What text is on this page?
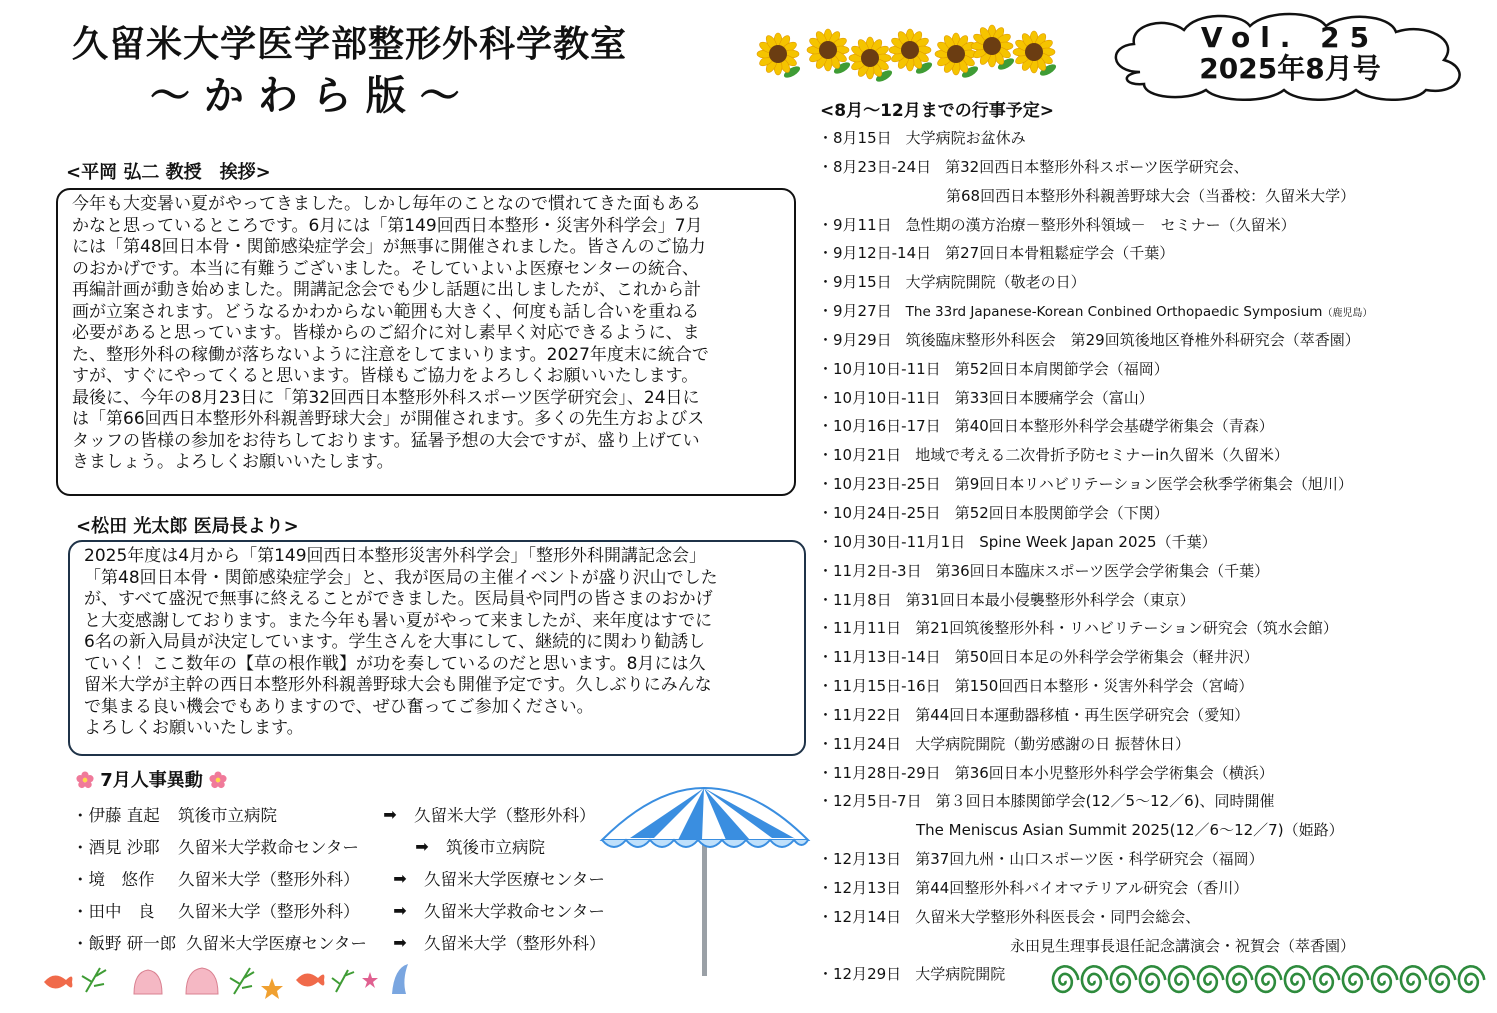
久留米大学医学部整形外科学教室
～ か わ ら 版 ～
Vol. 25
2025年8月号
<平岡 弘二 教授　挨拶>

今年も大変暑い夏がやってきました。しかし毎年のことなので慣れてきた面もある
かなと思っているところです。6月には「第149回西日本整形・災害外科学会」7月
には「第48回日本骨・関節感染症学会」が無事に開催されました。皆さんのご協力
のおかげです。本当に有難うございました。そしていよいよ医療センターの統合、
再編計画が動き始めました。開講記念会でも少し話題に出しましたが、これから計
画が立案されます。どうなるかわからない範囲も大きく、何度も話し合いを重ねる
必要があると思っています。皆様からのご紹介に対し素早く対応できるように、ま
た、整形外科の稼働が落ちないように注意をしてまいります。2027年度末に統合で
すが、すぐにやってくると思います。皆様もご協力をよろしくお願いいたします。
最後に、今年の8月23日に「第32回西日本整形外科スポーツ医学研究会」、24日に
は「第66回西日本整形外科親善野球大会」が開催されます。多くの先生方およびス
タッフの皆様の参加をお待ちしております。猛暑予想の大会ですが、盛り上げてい
きましょう。よろしくお願いいたします。

<松田 光太郎 医局長より>

2025年度は4月から「第149回西日本整形災害外科学会」「整形外科開講記念会」
「第48回日本骨・関節感染症学会」と、我が医局の主催イベントが盛り沢山でした
が、すべて盛況で無事に終えることができました。医局員や同門の皆さまのおかげ
と大変感謝しております。また今年も暑い夏がやって来ましたが、来年度はすでに
6名の新入局員が決定しています。学生さんを大事にして、継続的に関わり勧誘し
ていく！ここ数年の【草の根作戦】が功を奏しているのだと思います。8月には久
留米大学が主幹の西日本整形外科親善野球大会も開催予定です。久しぶりにみんな
で集まる良い機会でもありますので、ぜひ奮ってご参加ください。
よろしくお願いいたします。

7月人事異動
・伊藤 直起	筑後市立病院	➡	久留米大学（整形外科）
・酒見 沙耶	久留米大学救命センター	➡	筑後市立病院
・境　悠作	久留米大学（整形外科）	➡	久留米大学医療センター
・田中　良	久留米大学（整形外科）	➡	久留米大学救命センター
・飯野 研一郎 久留米大学医療センター	➡	久留米大学（整形外科）
<8月～12月までの行事予定>
・8月15日 大学病院お盆休み
・8月23日-24日 第32回西日本整形外科スポーツ医学研究会、
第68回西日本整形外科親善野球大会（当番校：久留米大学）
・9月11日 急性期の漢方治療－整形外科領域－　セミナー（久留米）
・9月12日-14日 第27回日本骨粗鬆症学会（千葉）
・9月15日 大学病院開院（敬老の日）
・9月27日 The 33rd Japanese-Korean Conbined Orthopaedic Symposium（鹿児島）
・9月29日 筑後臨床整形外科医会　第29回筑後地区脊椎外科研究会（萃香園）
・10月10日-11日 第52回日本肩関節学会（福岡）
・10月10日-11日 第33回日本腰痛学会（富山）
・10月16日-17日 第40回日本整形外科学会基礎学術集会（青森）
・10月21日 地域で考える二次骨折予防セミナーin久留米（久留米）
・10月23日-25日 第9回日本リハビリテーション医学会秋季学術集会（旭川）
・10月24日-25日 第52回日本股関節学会（下関）
・10月30日-11月1日 Spine Week Japan 2025（千葉）
・11月2日-3日 第36回日本臨床スポーツ医学会学術集会（千葉）
・11月8日 第31回日本最小侵襲整形外科学会（東京）
・11月11日 第21回筑後整形外科・リハビリテーション研究会（筑水会館）
・11月13日-14日 第50回日本足の外科学会学術集会（軽井沢）
・11月15日-16日 第150回西日本整形・災害外科学会（宮崎）
・11月22日 第44回日本運動器移植・再生医学研究会（愛知）
・11月24日 大学病院開院（勤労感謝の日 振替休日）
・11月28日-29日 第36回日本小児整形外科学会学術集会（横浜）
・12月5日-7日 第３回日本膝関節学会(12／5～12／6)、同時開催
The Meniscus Asian Summit 2025(12／6～12／7)（姫路）
・12月13日 第37回九州・山口スポーツ医・科学研究会（福岡）
・12月13日 第44回整形外科バイオマテリアル研究会（香川）
・12月14日 久留米大学整形外科医長会・同門会総会、
永田見生理事長退任記念講演会・祝賀会（萃香園）
・12月29日 大学病院開院
